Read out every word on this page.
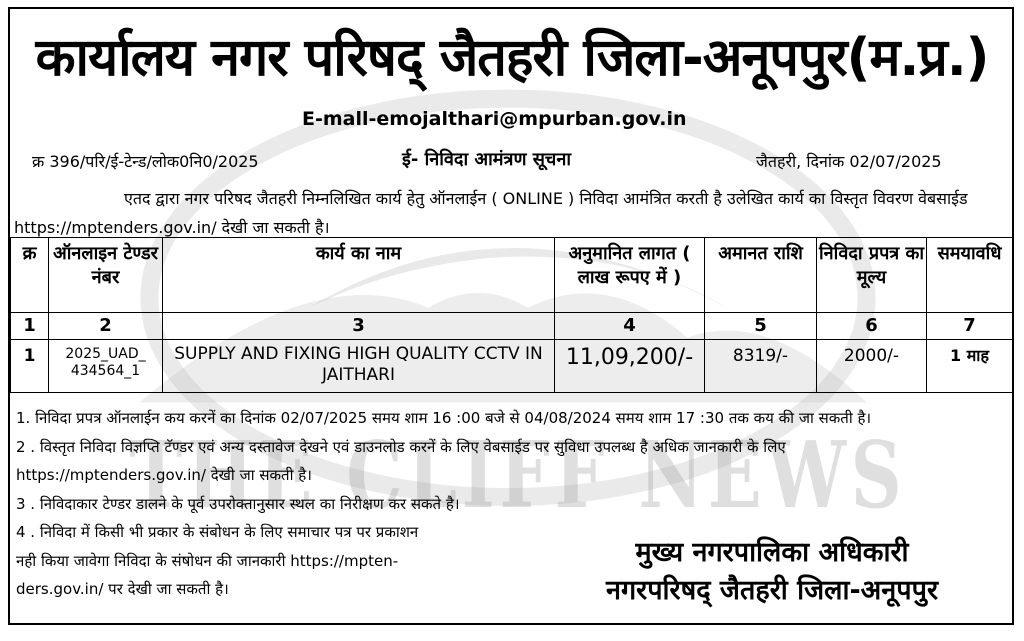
THE CLIFF NEWS
कार्यालय नगर परिषद् जैतहरी जिला-अनूपपुर(म.प्र.)
E-mall-emojalthari@mpurban.gov.in
क्र 396/परि/ई-टेन्ड/लोक0नि0/2025	ई- निविदा आमंत्रण सूचना	जैतहरी, दिनांक 02/07/2025
एतद द्वारा नगर परिषद जैतहरी निम्नलिखित कार्य हेतु ऑनलाईन ( ONLINE ) निविदा आमंत्रित करती है उलेखित कार्य का विस्तृत विवरण वेबसाईड https://mptenders.gov.in/ देखी जा सकती है।
क्र	ऑनलाइन टेण्डर नंबर	कार्य का नाम	अनुमानित लागत ( लाख रूपए में )	अमानत राशि	निविदा प्रपत्र का मूल्य	समयावधि
1	2	3	4	5	6	7
1	2025_UAD_ 434564_1	SUPPLY AND FIXING HIGH QUALITY CCTV IN JAITHARI	11,09,200/-	8319/-	2000/-	1 माह
1. निविदा प्रपत्र ऑनलाईन कय करनें का दिनांक 02/07/2025 समय शाम 16 :00 बजे से 04/08/2024 समय शाम 17 :30 तक कय की जा सकती है।
2 . विस्तृत निविदा विज्ञप्ति टॅण्डर एवं अन्य दस्तावेज देखने एवं डाउनलोड करनें के लिए वेबसाईड पर सुविधा उपलब्ध है अधिक जानकारी के लिए
https://mptenders.gov.in/ देखी जा सकती है।
3 . निविदाकार टेण्डर डालने के पूर्व उपरोक्तानुसार स्थल का निरीक्षण कर सकते है।
4 . निविदा में किसी भी प्रकार के संबोधन के लिए समाचार पत्र पर प्रकाशन
नही किया जावेगा निविदा के संषोधन की जानकारी https://mpten-
ders.gov.in/ पर देखी जा सकती है।
मुख्य नगरपालिका अधिकारी
नगरपरिषद् जैतहरी जिला-अनूपपुर
